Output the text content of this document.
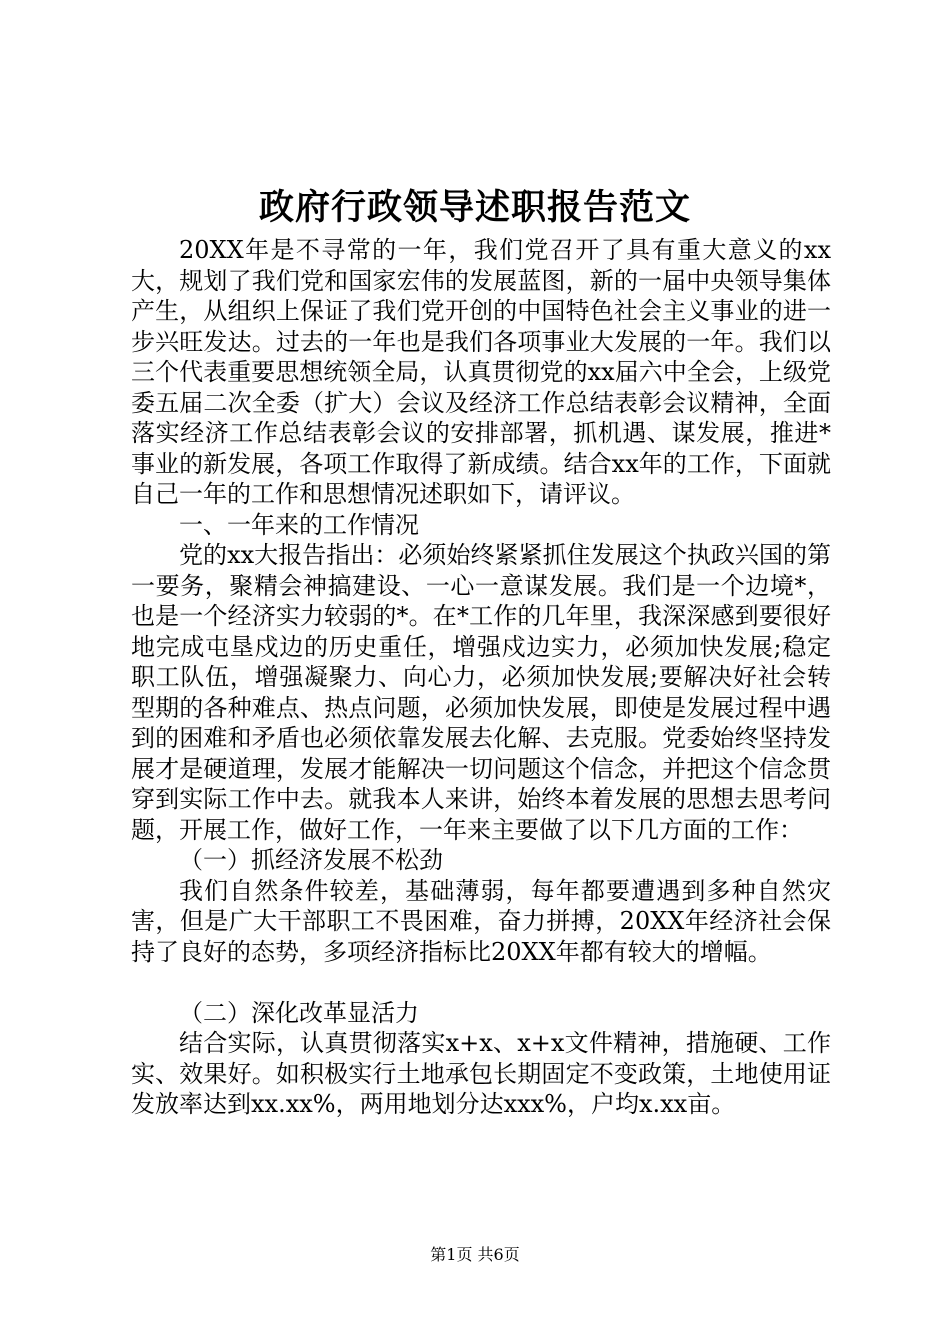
政府行政领导述职报告范文

20XX年是不寻常的一年，我们党召开了具有重大意义的xx大，规划了我们党和国家宏伟的发展蓝图，新的一届中央领导集体产生，从组织上保证了我们党开创的中国特色社会主义事业的进一步兴旺发达。过去的一年也是我们各项事业大发展的一年。我们以三个代表重要思想统领全局，认真贯彻党的xx届六中全会，上级党委五届二次全委（扩大）会议及经济工作总结表彰会议精神，全面落实经济工作总结表彰会议的安排部署，抓机遇、谋发展，推进*事业的新发展，各项工作取得了新成绩。结合xx年的工作，下面就自己一年的工作和思想情况述职如下，请评议。

一、一年来的工作情况

党的xx大报告指出：必须始终紧紧抓住发展这个执政兴国的第一要务，聚精会神搞建设、一心一意谋发展。我们是一个边境*，也是一个经济实力较弱的*。在*工作的几年里，我深深感到要很好地完成屯垦戍边的历史重任，增强戍边实力，必须加快发展;稳定职工队伍，增强凝聚力、向心力，必须加快发展;要解决好社会转型期的各种难点、热点问题，必须加快发展，即使是发展过程中遇到的困难和矛盾也必须依靠发展去化解、去克服。党委始终坚持发展才是硬道理，发展才能解决一切问题这个信念，并把这个信念贯穿到实际工作中去。就我本人来讲，始终本着发展的思想去思考问题，开展工作，做好工作，一年来主要做了以下几方面的工作：

（一）抓经济发展不松劲

我们自然条件较差，基础薄弱，每年都要遭遇到多种自然灾害，但是广大干部职工不畏困难，奋力拼搏，20XX年经济社会保持了良好的态势，多项经济指标比20XX年都有较大的增幅。

（二）深化改革显活力

结合实际，认真贯彻落实x+x、x+x文件精神，措施硬、工作实、效果好。如积极实行土地承包长期固定不变政策，土地使用证发放率达到xx.xx%，两用地划分达xxx%，户均x.xx亩。

第1页 共6页
